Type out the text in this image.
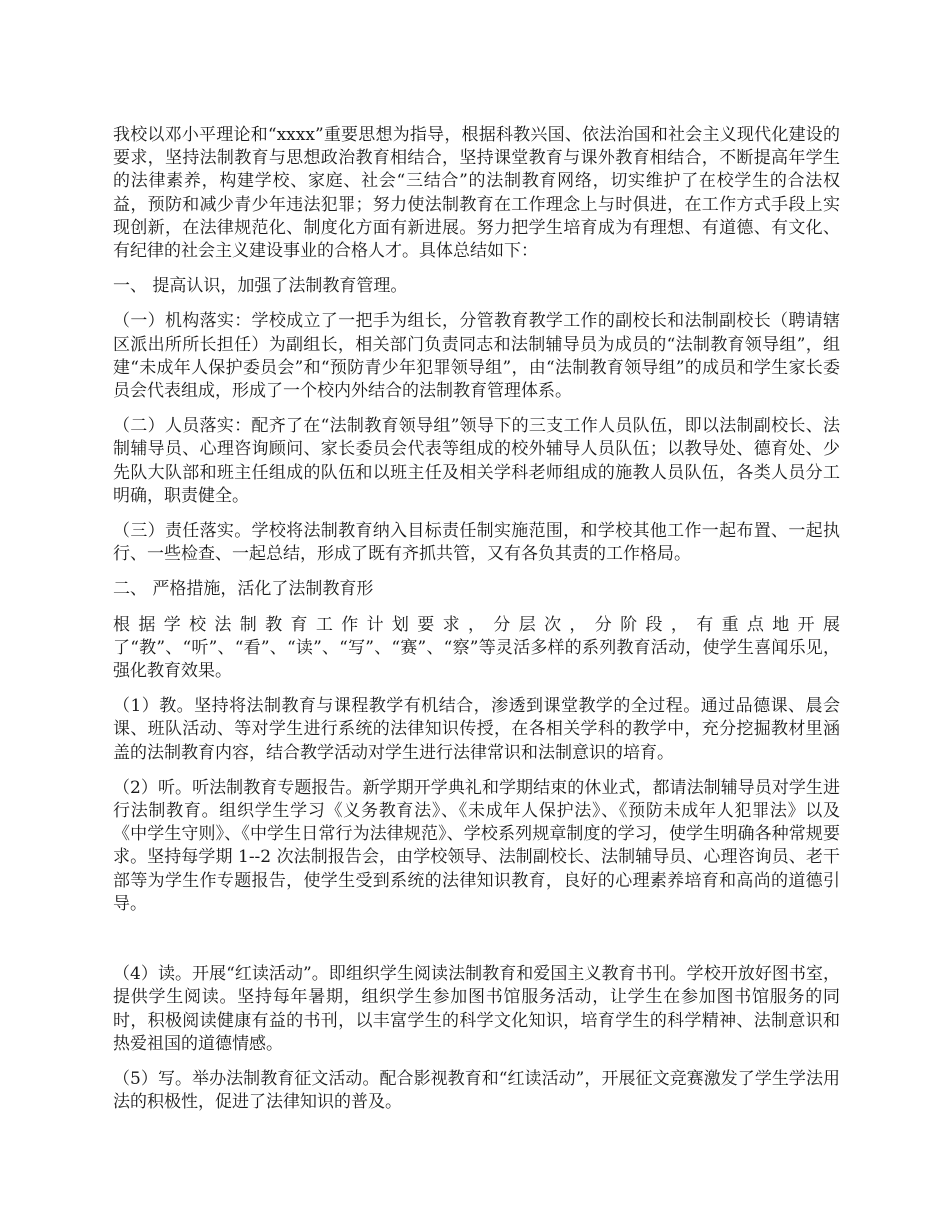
我校以邓小平理论和“xxxx”重要思想为指导，根据科教兴国、依法治国和社会主义现代化建设的要求，坚持法制教育与思想政治教育相结合，坚持课堂教育与课外教育相结合，不断提高年学生的法律素养，构建学校、家庭、社会“三结合”的法制教育网络，切实维护了在校学生的合法权益，预防和减少青少年违法犯罪；努力使法制教育在工作理念上与时俱进，在工作方式手段上实现创新，在法律规范化、制度化方面有新进展。努力把学生培育成为有理想、有道德、有文化、有纪律的社会主义建设事业的合格人才。具体总结如下：

一、 提高认识，加强了法制教育管理。

（一）机构落实：学校成立了一把手为组长，分管教育教学工作的副校长和法制副校长（聘请辖区派出所所长担任）为副组长，相关部门负责同志和法制辅导员为成员的“法制教育领导组”，组建“未成年人保护委员会”和“预防青少年犯罪领导组”，由“法制教育领导组”的成员和学生家长委员会代表组成，形成了一个校内外结合的法制教育管理体系。

（二）人员落实：配齐了在“法制教育领导组”领导下的三支工作人员队伍，即以法制副校长、法制辅导员、心理咨询顾问、家长委员会代表等组成的校外辅导人员队伍；以教导处、德育处、少先队大队部和班主任组成的队伍和以班主任及相关学科老师组成的施教人员队伍，各类人员分工明确，职责健全。

（三）责任落实。学校将法制教育纳入目标责任制实施范围，和学校其他工作一起布置、一起执行、一些检查、一起总结，形成了既有齐抓共管，又有各负其责的工作格局。

二、 严格措施，活化了法制教育形

根据学校法制教育工作计划要求，分层次，分阶段，有重点地开展了“教”、“听”、“看”、“读”、“写”、“赛”、“察”等灵活多样的系列教育活动，使学生喜闻乐见，强化教育效果。

（1）教。坚持将法制教育与课程教学有机结合，渗透到课堂教学的全过程。通过品德课、晨会课、班队活动、等对学生进行系统的法律知识传授，在各相关学科的教学中，充分挖掘教材里涵盖的法制教育内容，结合教学活动对学生进行法律常识和法制意识的培育。

（2）听。听法制教育专题报告。新学期开学典礼和学期结束的休业式，都请法制辅导员对学生进行法制教育。组织学生学习《义务教育法》、《未成年人保护法》、《预防未成年人犯罪法》以及《中学生守则》、《中学生日常行为法律规范》、学校系列规章制度的学习，使学生明确各种常规要求。坚持每学期 1--2 次法制报告会，由学校领导、法制副校长、法制辅导员、心理咨询员、老干部等为学生作专题报告，使学生受到系统的法律知识教育，良好的心理素养培育和高尚的道德引导。

（4）读。开展“红读活动”。即组织学生阅读法制教育和爱国主义教育书刊。学校开放好图书室，提供学生阅读。坚持每年暑期，组织学生参加图书馆服务活动，让学生在参加图书馆服务的同时，积极阅读健康有益的书刊，以丰富学生的科学文化知识，培育学生的科学精神、法制意识和热爱祖国的道德情感。

（5）写。举办法制教育征文活动。配合影视教育和“红读活动”，开展征文竞赛激发了学生学法用法的积极性，促进了法律知识的普及。
